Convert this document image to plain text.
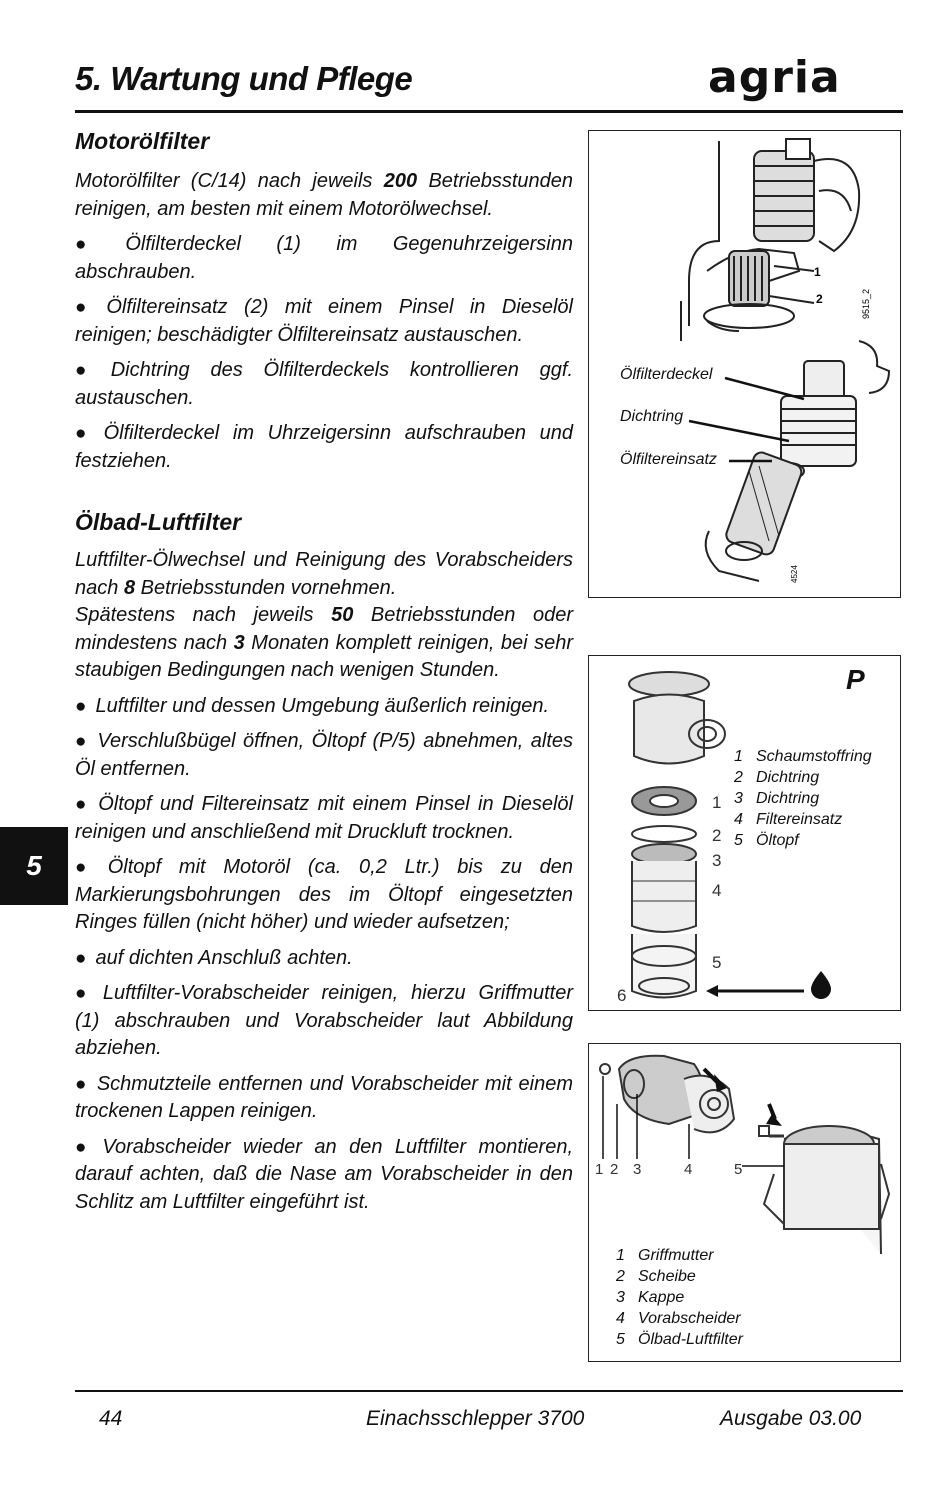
5. Wartung und Pflege	agria
5
Motorölfilter

Motorölfilter (C/14) nach jeweils 200 Betriebsstunden reinigen, am besten mit einem Motorölwechsel.

● Ölfilterdeckel (1) im Gegenuhrzeigersinn abschrauben.

● Ölfiltereinsatz (2) mit einem Pinsel in Dieselöl reinigen; beschädigter Ölfiltereinsatz austauschen.

● Dichtring des Ölfilterdeckels kontrollieren ggf. austauschen.

● Ölfilterdeckel im Uhrzeigersinn aufschrauben und festziehen.

Ölbad-Luftfilter

Luftfilter-Ölwechsel und Reinigung des Vorabscheiders nach 8 Betriebsstunden vornehmen.

Spätestens nach jeweils 50 Betriebsstunden oder mindestens nach 3 Monaten komplett reinigen, bei sehr staubigen Bedingungen nach wenigen Stunden.

● Luftfilter und dessen Umgebung äußerlich reinigen.

● Verschlußbügel öffnen, Öltopf (P/5) abnehmen, altes Öl entfernen.

● Öltopf und Filtereinsatz mit einem Pinsel in Dieselöl reinigen und anschließend mit Druckluft trocknen.

● Öltopf mit Motoröl (ca. 0,2 Ltr.) bis zu den Markierungsbohrungen des im Öltopf eingesetzten Ringes füllen (nicht höher) und wieder aufsetzen;

● auf dichten Anschluß achten.

● Luftfilter-Vorabscheider reinigen, hierzu Griffmutter (1) abschrauben und Vorabscheider laut Abbildung abziehen.

● Schmutzteile entfernen und Vorabscheider mit einem trockenen Lappen reinigen.

● Vorabscheider wieder an den Luftfilter montieren, darauf achten, daß die Nase am Vorabscheider in den Schlitz am Luftfilter eingeführt ist.

1
2	9515_2
4524
Ölfilterdeckel
Dichtring
Ölfiltereinsatz
P
1
2
3
4
5
6
1 Schaumstoffring
2 Dichtring
3 Dichtring
4 Filtereinsatz
5 Öltopf
1 2 3	4	5
1 Griffmutter
2 Scheibe
3 Kappe
4 Vorabscheider
5 Ölbad-Luftfilter
44	Einachsschlepper 3700	Ausgabe 03.00
